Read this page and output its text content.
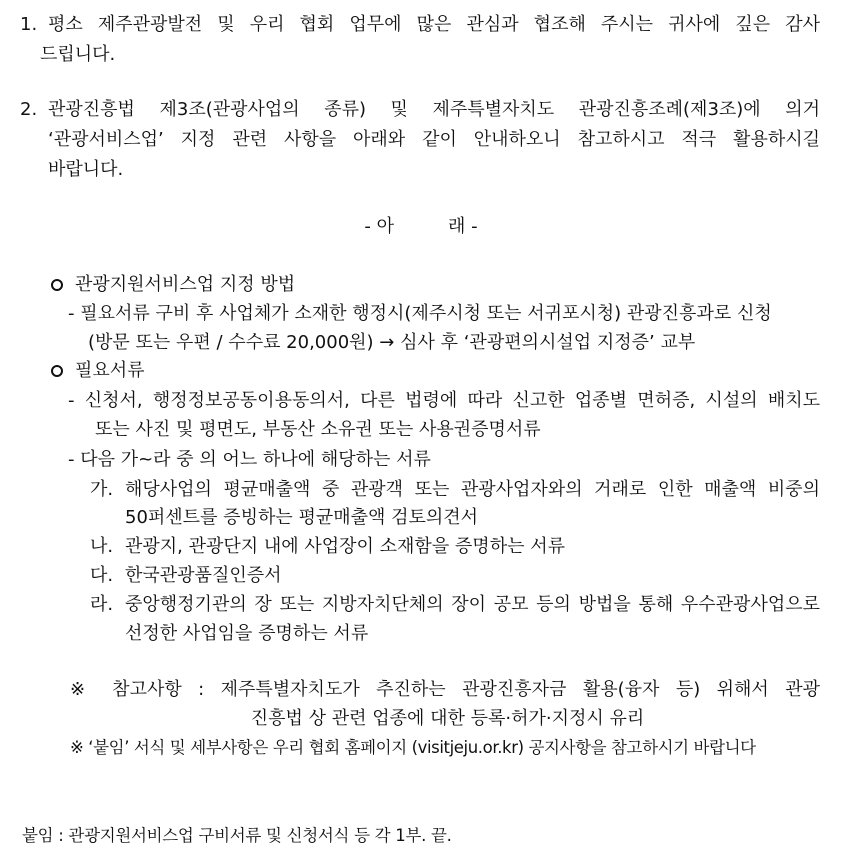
1. 평소 제주관광발전 및 우리 협회 업무에 많은 관심과 협조해 주시는 귀사에 깊은 감사
드립니다.
2. 관광진흥법 제3조(관광사업의 종류) 및 제주특별자치도 관광진흥조례(제3조)에 의거
‘관광서비스업’ 지정 관련 사항을 아래와 같이 안내하오니 참고하시고 적극 활용하시길
바랍니다.
- 아　　　래 -
관광지원서비스업 지정 방법
- 필요서류 구비 후 사업체가 소재한 행정시(제주시청 또는 서귀포시청) 관광진흥과로 신청
(방문 또는 우편 / 수수료 20,000원) → 심사 후 ‘관광편의시설업 지정증’ 교부
필요서류
- 신청서, 행정정보공동이용동의서, 다른 법령에 따라 신고한 업종별 면허증, 시설의 배치도
또는 사진 및 평면도, 부동산 소유권 또는 사용권증명서류
- 다음 가~라 중 의 어느 하나에 해당하는 서류
가. 해당사업의 평균매출액 중 관광객 또는 관광사업자와의 거래로 인한 매출액 비중의
50퍼센트를 증빙하는 평균매출액 검토의견서
나. 관광지, 관광단지 내에 사업장이 소재함을 증명하는 서류
다. 한국관광품질인증서
라. 중앙행정기관의 장 또는 지방자치단체의 장이 공모 등의 방법을 통해 우수관광사업으로
선정한 사업임을 증명하는 서류
※ 참고사항 : 제주특별자치도가 추진하는 관광진흥자금 활용(융자 등) 위해서 관광
진흥법 상 관련 업종에 대한 등록·허가·지정시 유리
※ ‘붙임’ 서식 및 세부사항은 우리 협회 홈페이지 (visitjeju.or.kr) 공지사항을 참고하시기 바랍니다
붙임 : 관광지원서비스업 구비서류 및 신청서식 등 각 1부. 끝.
